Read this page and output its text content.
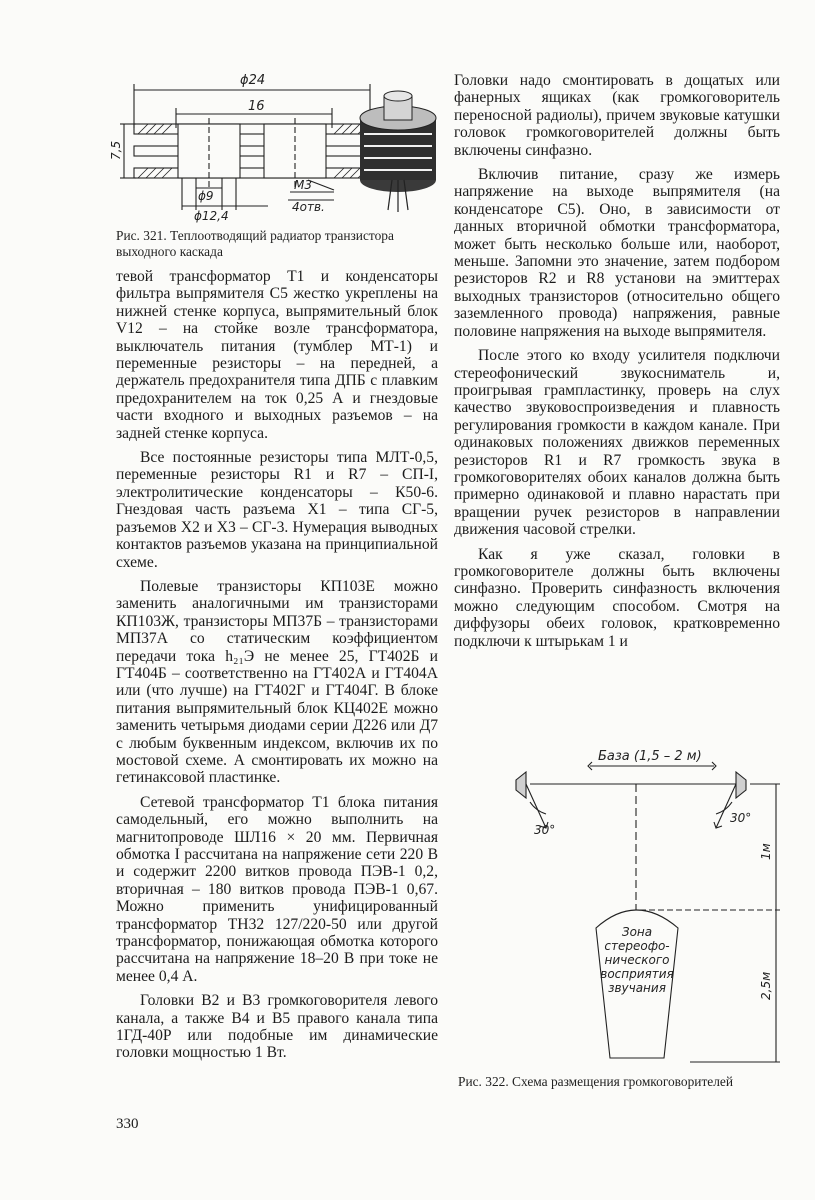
ϕ24
16
7,5
ϕ9
ϕ12,4
M3
4отв.
Рис. 321. Теплоотводящий радиатор транзистора выходного каскада

тевой трансформатор Т1 и конденсаторы фильтра выпрямителя С5 жестко укреплены на нижней стенке корпуса, выпрямительный блок V12 – на стойке возле трансформатора, выключатель питания (тумблер МТ-1) и переменные резисторы – на передней, а держатель предохранителя типа ДПБ с плавким предохранителем на ток 0,25 А и гнездовые части входного и выходных разъемов – на задней стенке корпуса.

Все постоянные резисторы типа МЛТ-0,5, переменные резисторы R1 и R7 – СП-I, электролитические конденсаторы – К50-6. Гнездовая часть разъема Х1 – типа СГ-5, разъемов Х2 и Х3 – СГ-3. Нумерация выводных контактов разъемов указана на принципиальной схеме.

Полевые транзисторы КП103Е можно заменить аналогичными им транзисторами КП103Ж, транзисторы МП37Б – транзисторами МП37А со статическим коэффициентом передачи тока h₂₁Э не менее 25, ГТ402Б и ГТ404Б – соответственно на ГТ402А и ГТ404А или (что лучше) на ГТ402Г и ГТ404Г. В блоке питания выпрямительный блок КЦ402Е можно заменить четырьмя диодами серии Д226 или Д7 с любым буквенным индексом, включив их по мостовой схеме. А смонтировать их можно на гетинаксовой пластинке.

Сетевой трансформатор Т1 блока питания самодельный, его можно выполнить на магнитопроводе ШЛ16 × 20 мм. Первичная обмотка I рассчитана на напряжение сети 220 В и содержит 2200 витков провода ПЭВ-1 0,2, вторичная – 180 витков провода ПЭВ-1 0,67. Можно применить унифицированный трансформатор ТН32 127/220-50 или другой трансформатор, понижающая обмотка которого рассчитана на напряжение 18–20 В при токе не менее 0,4 А.

Головки В2 и В3 громкоговорителя левого канала, а также В4 и В5 правого канала типа 1ГД-40Р или подобные им динамические головки мощностью 1 Вт.

Головки надо смонтировать в дощатых или фанерных ящиках (как громкоговоритель переносной радиолы), причем звуковые катушки головок громкоговорителей должны быть включены синфазно.

Включив питание, сразу же измерь напряжение на выходе выпрямителя (на конденсаторе С5). Оно, в зависимости от данных вторичной обмотки трансформатора, может быть несколько больше или, наоборот, меньше. Запомни это значение, затем подбором резисторов R2 и R8 установи на эмиттерах выходных транзисторов (относительно общего заземленного провода) напряжения, равные половине напряжения на выходе выпрямителя.

После этого ко входу усилителя подключи стереофонический звукосниматель и, проигрывая грампластинку, проверь на слух качество звуковоспроизведения и плавность регулирования громкости в каждом канале. При одинаковых положениях движков переменных резисторов R1 и R7 громкость звука в громкоговорителях обоих каналов должна быть примерно одинаковой и плавно нарастать при вращении ручек резисторов в направлении движения часовой стрелки.

Как я уже сказал, головки в громкоговорителе должны быть включены синфазно. Проверить синфазность включения можно следующим способом. Смотря на диффузоры обеих головок, кратковременно подключи к штырькам 1 и

База (1,5 – 2 м)
30°
30°
1м
2,5м
Зона
стереофо-
нического
восприятия
звучания
Рис. 322. Схема размещения громкоговорителей
330
